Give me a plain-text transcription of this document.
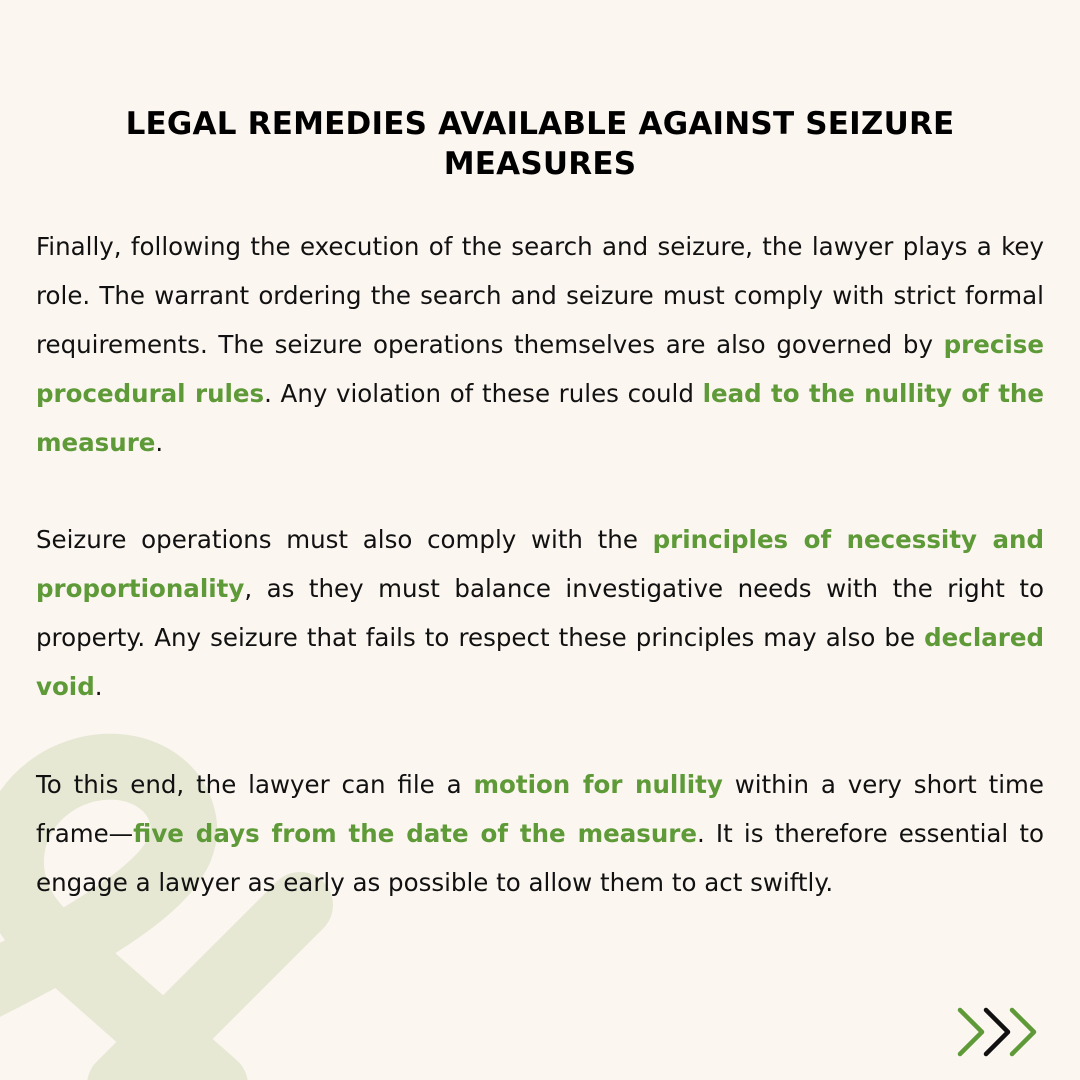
LEGAL REMEDIES AVAILABLE AGAINST SEIZURE MEASURES

Finally, following the execution of the search and seizure, the lawyer plays a key role. The warrant ordering the search and seizure must comply with strict formal requirements. The seizure operations themselves are also governed by precise procedural rules. Any violation of these rules could lead to the nullity of the measure.

Seizure operations must also comply with the principles of necessity and proportionality, as they must balance investigative needs with the right to property. Any seizure that fails to respect these principles may also be declared void.

To this end, the lawyer can file a motion for nullity within a very short time frame—five days from the date of the measure. It is therefore essential to engage a lawyer as early as possible to allow them to act swiftly.
